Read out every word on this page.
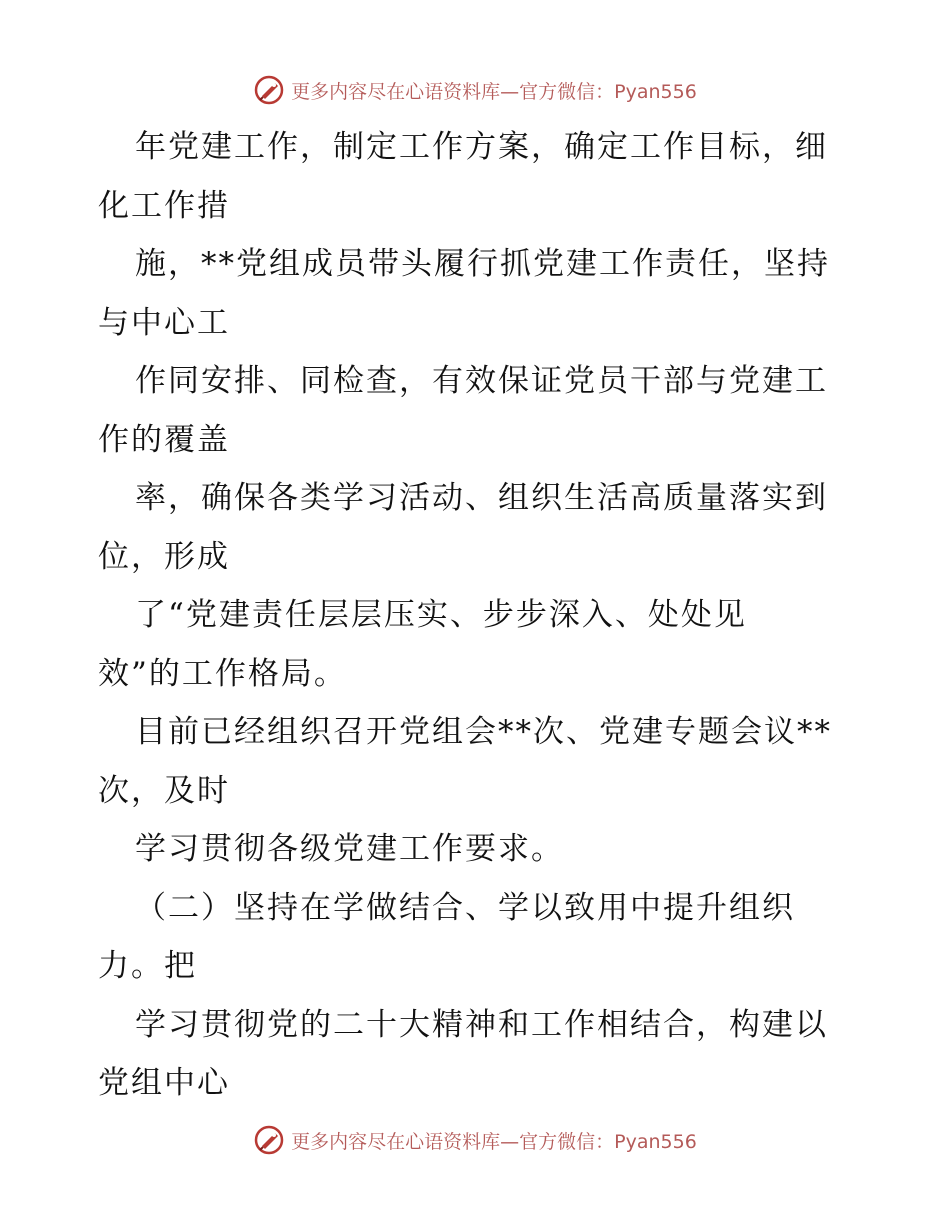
更多内容尽在心语资料库—官方微信：Pyan556
年党建工作，制定工作方案，确定工作目标，细
化工作措
施，**党组成员带头履行抓党建工作责任，坚持
与中心工
作同安排、同检查，有效保证党员干部与党建工
作的覆盖
率，确保各类学习活动、组织生活高质量落实到
位，形成
了“党建责任层层压实、步步深入、处处见
效”的工作格局。
目前已经组织召开党组会**次、党建专题会议**
次，及时
学习贯彻各级党建工作要求。
（二）坚持在学做结合、学以致用中提升组织
力。把
学习贯彻党的二十大精神和工作相结合，构建以
党组中心
更多内容尽在心语资料库—官方微信：Pyan556
